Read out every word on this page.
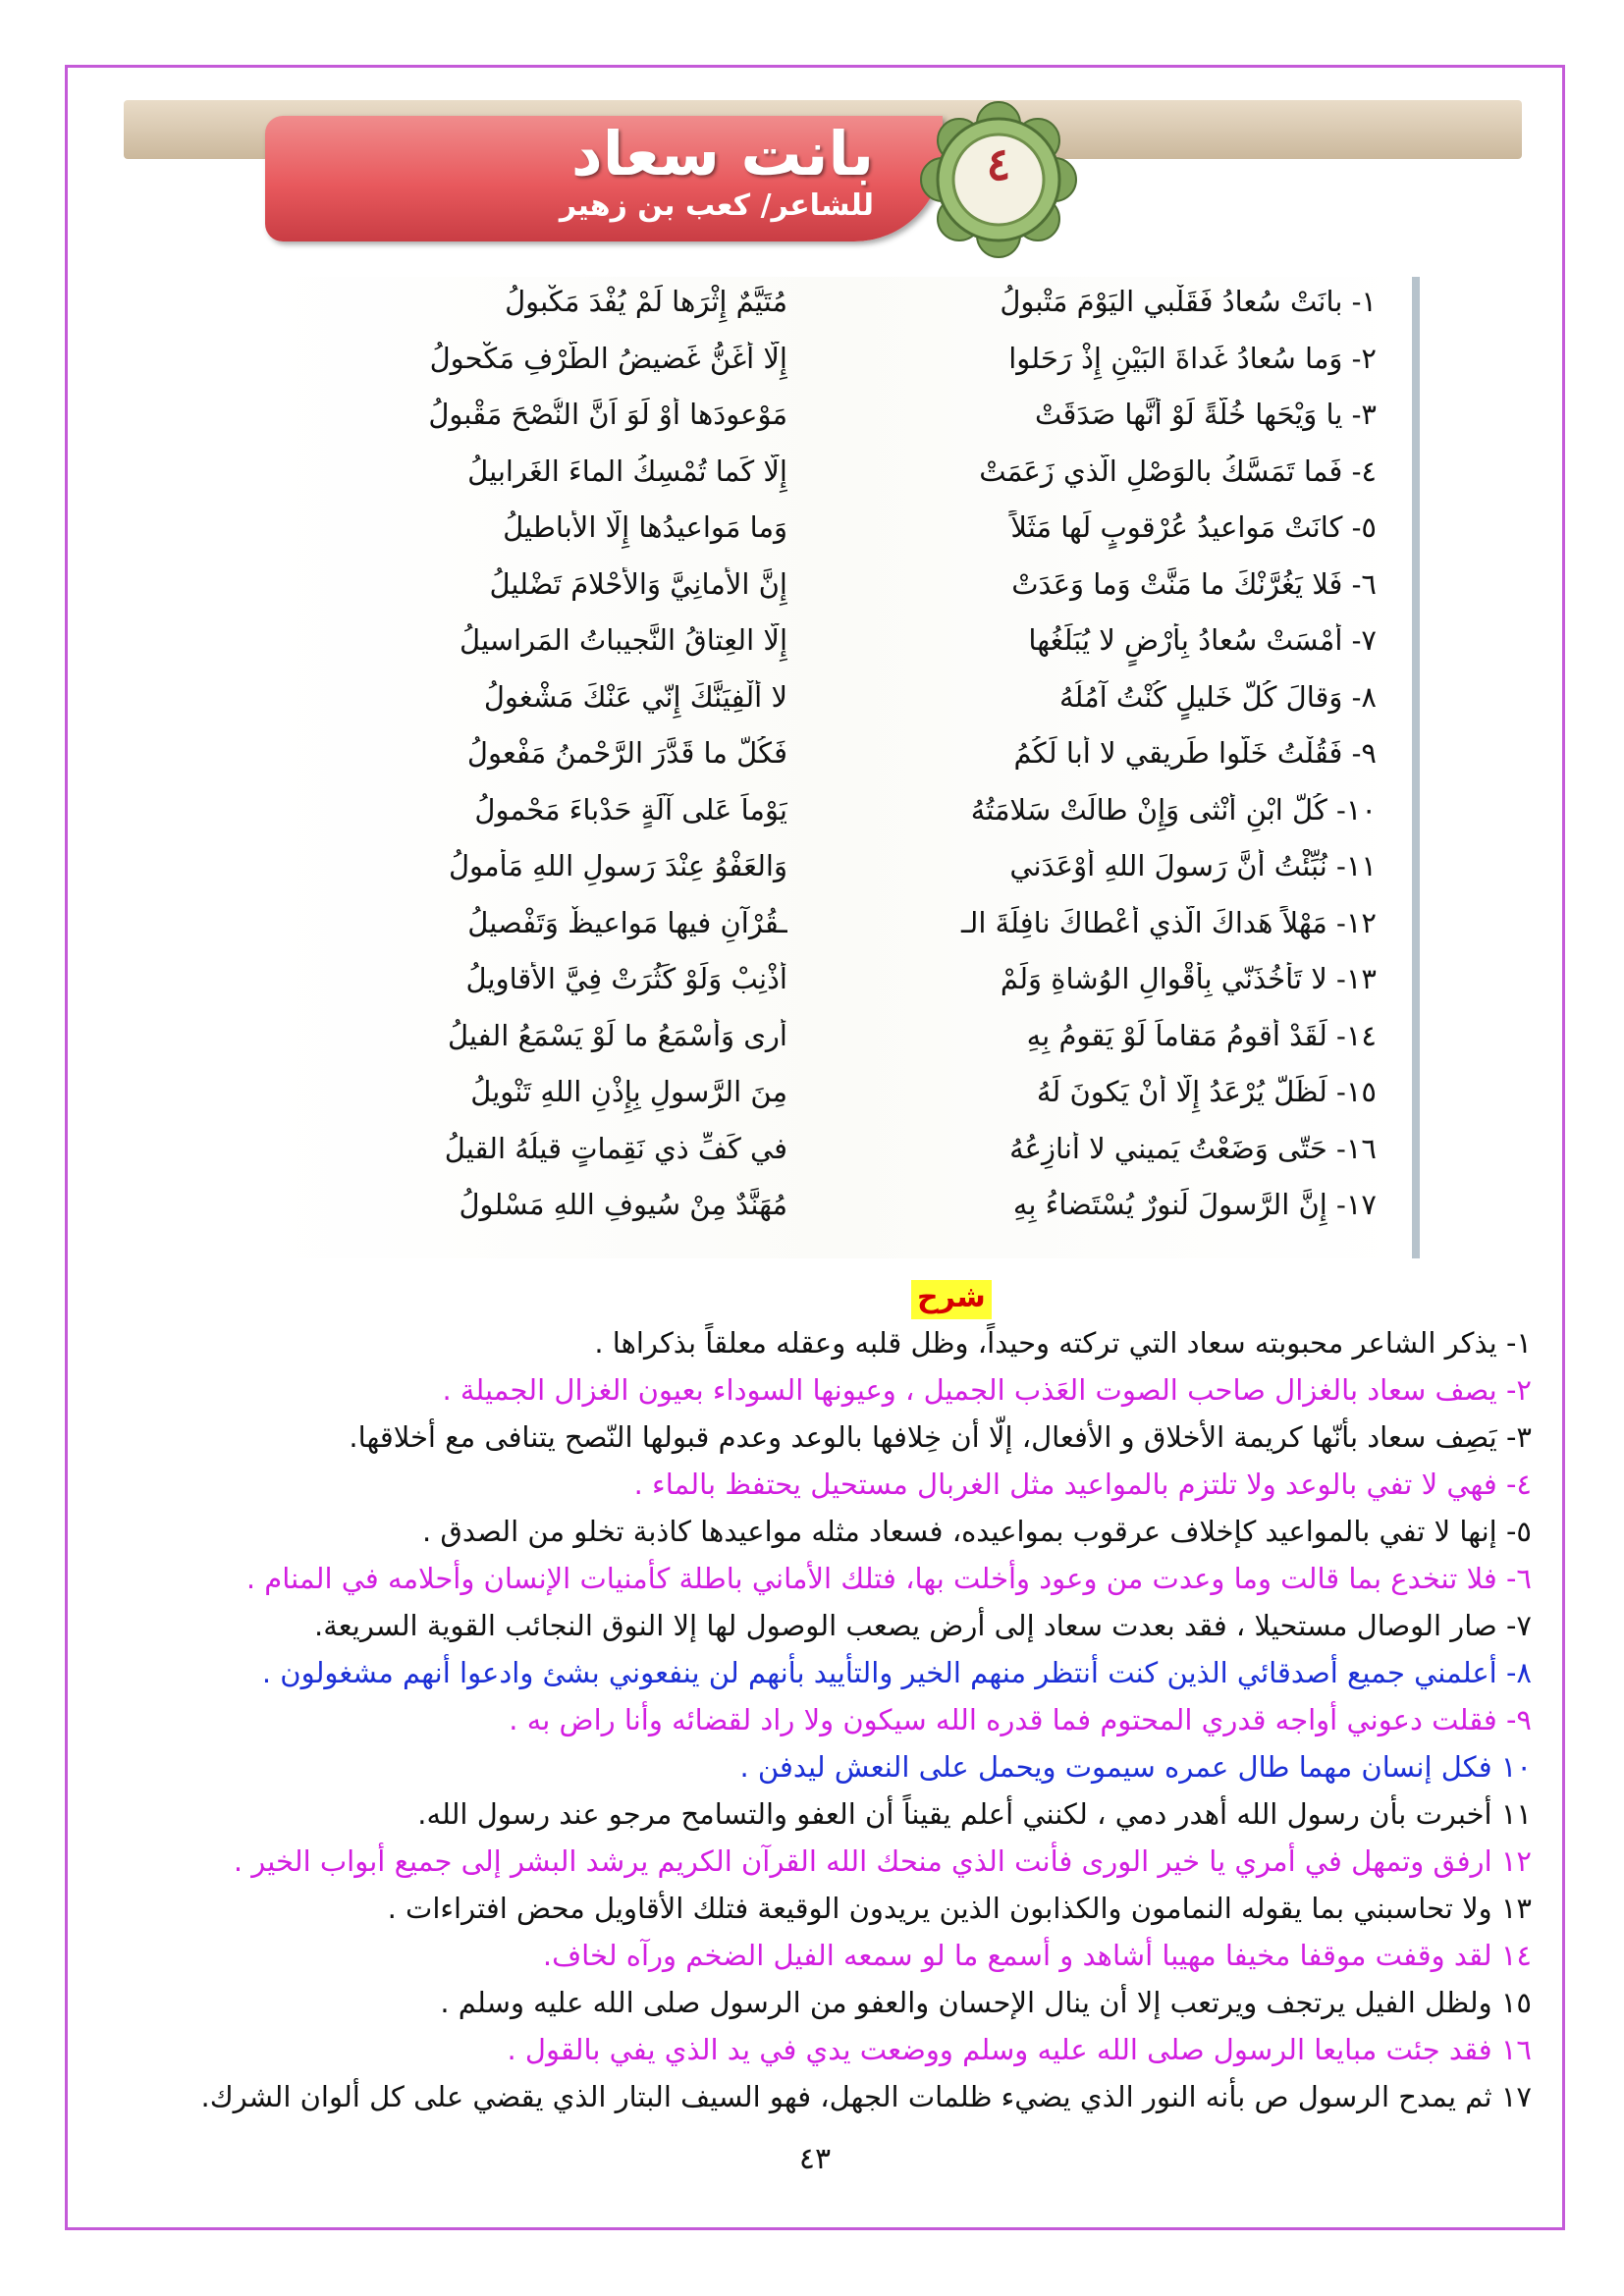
٤
بانت سعاد
للشاعر/ كعب بن زهير
١- بانَتْ سُعادُ فَقَلْبي اليَوْمَ مَتْبولُ
مُتَيَّمٌ إِثْرَها لَمْ يُفْدَ مَكْبولُ
٢- وَما سُعادُ غَداةَ البَيْنِ إِذْ رَحَلوا
إِلّا أَغَنُّ غَضيضُ الطَّرْفِ مَكْحولُ
٣- يا وَيْحَها خُلَّةً لَوْ أَنَّها صَدَقَتْ
مَوْعودَها أَوْ لَوَ اَنَّ النُّصْحَ مَقْبولُ
٤- فَما تَمَسَّكُ بالوَصْلِ الَّذي زَعَمَتْ
إِلّا كَما تُمْسِكُ الماءَ الغَرابيلُ
٥- كانَتْ مَواعيدُ عُرْقوبٍ لَها مَثَلاً
وَما مَواعيدُها إِلّا الأَباطيلُ
٦- فَلا يَغُرَّنْكَ ما مَنَّتْ وَما وَعَدَتْ
إِنَّ الأَمانِيَّ وَالأَحْلامَ تَضْليلُ
٧- أَمْسَتْ سُعادُ بِأَرْضٍ لا يُبَلِّغُها
إِلّا العِتاقُ النَّجيباتُ المَراسيلُ
٨- وَقالَ كُلُّ خَليلٍ كُنْتُ آمُلُهُ
لا أُلْفِيَنَّكَ إِنّي عَنْكَ مَشْغولُ
٩- فَقُلْتُ خَلُّوا طَريقي لا أَبا لَكُمُ
فَكُلُّ ما قَدَّرَ الرَّحْمنُ مَفْعولُ
١٠- كُلُّ ابْنِ أُنْثى وَإِنْ طالَتْ سَلامَتُهُ
يَوْماً عَلى آلَةٍ حَدْباءَ مَحْمولُ
١١- نُبِّئْتُ أَنَّ رَسولَ اللهِ أَوْعَدَني
وَالعَفْوُ عِنْدَ رَسولِ اللهِ مَأْمولُ
١٢- مَهْلاً هَداكَ الَّذي أَعْطاكَ نافِلَةَ الـ
ـقُرْآنِ فيها مَواعيظٌ وَتَفْصيلُ
١٣- لا تَأْخُذَنّي بِأَقْوالِ الوُشاةِ وَلَمْ
أُذْنِبْ وَلَوْ كَثُرَتْ فِيَّ الأَقاويلُ
١٤- لَقَدْ أَقومُ مَقاماً لَوْ يَقومُ بِهِ
أَرى وَأَسْمَعُ ما لَوْ يَسْمَعُ الفيلُ
١٥- لَظَلَّ يُرْعَدُ إِلّا أَنْ يَكونَ لَهُ
مِنَ الرَّسولِ بِإِذْنِ اللهِ تَنْويلُ
١٦- حَتّى وَضَعْتُ يَميني لا أُنازِعُهُ
في كَفِّ ذي نَقِماتٍ قيلُهُ القيلُ
١٧- إِنَّ الرَّسولَ لَنورٌ يُسْتَضاءُ بِهِ
مُهَنَّدٌ مِنْ سُيوفِ اللهِ مَسْلولُ
شرح
١- يذكر الشاعر محبوبته سعاد التي تركته وحيداً، وظل قلبه وعقله معلقاً بذكراها .
٢- يصف سعاد بالغزال صاحب الصوت العَذب الجميل ، وعيونها السوداء بعيون الغزال الجميلة .
٣- يَصِف سعاد بأنّها كريمة الأخلاق و الأفعال، إلّا أن خِلافها بالوعد وعدم قبولها النّصح يتنافى مع أخلاقها.
٤- فهي لا تفي بالوعد ولا تلتزم بالمواعيد مثل الغربال مستحيل يحتفظ بالماء .
٥- إنها لا تفي بالمواعيد كإخلاف عرقوب بمواعيده، فسعاد مثله مواعيدها كاذبة تخلو من الصدق .
٦- فلا تنخدع بما قالت وما وعدت من وعود وأخلت بها، فتلك الأماني باطلة كأمنيات الإنسان وأحلامه في المنام .
٧- صار الوصال مستحيلا ، فقد بعدت سعاد إلى أرض يصعب الوصول لها إلا النوق النجائب القوية السريعة.
٨- أعلمني جميع أصدقائي الذين كنت أنتظر منهم الخير والتأييد بأنهم لن ينفعوني بشئ وادعوا أنهم مشغولون .
٩- فقلت دعوني أواجه قدري المحتوم فما قدره الله سيكون ولا راد لقضائه وأنا راض به .
١٠ فكل إنسان مهما طال عمره سيموت ويحمل على النعش ليدفن .
١١ أخبرت بأن رسول الله أهدر دمي ، لكنني أعلم يقيناً أن العفو والتسامح مرجو عند رسول الله.
١٢ ارفق وتمهل في أمري يا خير الورى فأنت الذي منحك الله القرآن الكريم يرشد البشر إلى جميع أبواب الخير .
١٣ ولا تحاسبني بما يقوله النمامون والكذابون الذين يريدون الوقيعة فتلك الأقاويل محض افتراءات .
١٤ لقد وقفت موقفا مخيفا مهيبا أشاهد و أسمع ما لو سمعه الفيل الضخم ورآه لخاف.
١٥ ولظل الفيل يرتجف ويرتعب إلا أن ينال الإحسان والعفو من الرسول صلى الله عليه وسلم .
١٦ فقد جئت مبايعا الرسول صلى الله عليه وسلم ووضعت يدي في يد الذي يفي بالقول .
١٧ ثم يمدح الرسول ص بأنه النور الذي يضيء ظلمات الجهل، فهو السيف البتار الذي يقضي على كل ألوان الشرك.
٤٣
